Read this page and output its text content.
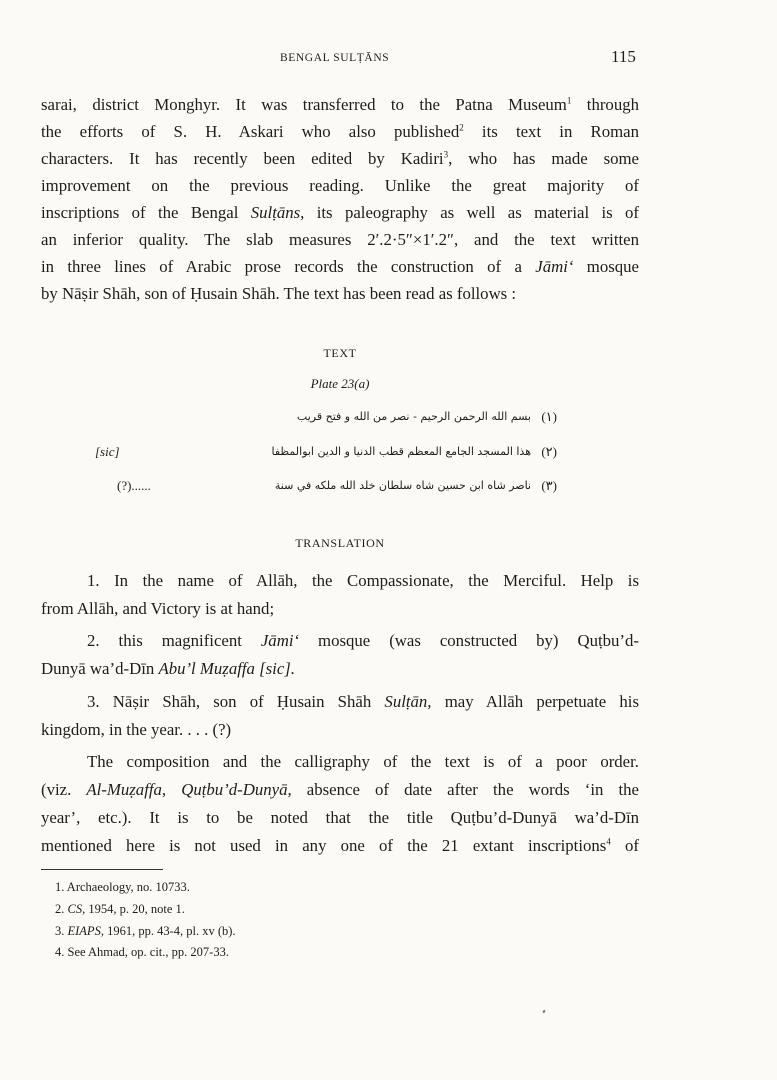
BENGAL SULṬĀNS	115
sarai, district Monghyr. It was transferred to the Patna Museum$^1$ through
the efforts of S. H. Askari who also published$^2$ its text in Roman
characters. It has recently been edited by Kadiri$^3$, who has made some
improvement on the previous reading. Unlike the great majority of
inscriptions of the Bengal Sulṭāns, its paleography as well as material is of
an inferior quality. The slab measures 2′.2·5″×1′.2″, and the text written
in three lines of Arabic prose records the construction of a Jāmi‘ mosque
by Nāṣir Shāh, son of Ḥusain Shāh. The text has been read as follows :
TEXT
Plate 23(a)
(١)
بسم الله الرحمن الرحيم - نصر من الله و فتح قريب
(٢)
هذا المسجد الجامع المعظم قطب الدنيا و الدين ابوالمظفا
[sic]
(٣)
ناصر شاه ابن حسين شاه سلطان خلد الله ملكه في سنة
(?)......
TRANSLATION
1. In the name of Allāh, the Compassionate, the Merciful. Help is
from Allāh, and Victory is at hand;
2. this magnificent Jāmi‘ mosque (was constructed by) Quṭbu’d-
Dunyā wa’d-Dīn Abu’l Muẓaffa [sic].
3. Nāṣir Shāh, son of Ḥusain Shāh Sulṭān, may Allāh perpetuate his
kingdom, in the year. . . . (?)
The composition and the calligraphy of the text is of a poor order.
(viz. Al-Muẓaffa, Quṭbu’d-Dunyā, absence of date after the words ‘in the
year’, etc.). It is to be noted that the title Quṭbu’d-Dunyā wa’d-Dīn
mentioned here is not used in any one of the 21 extant inscriptions$^4$ of
1. Archaeology, no. 10733.
2. CS, 1954, p. 20, note 1.
3. EIAPS, 1961, pp. 43-4, pl. xv (b).
4. See Ahmad, op. cit., pp. 207-33.
